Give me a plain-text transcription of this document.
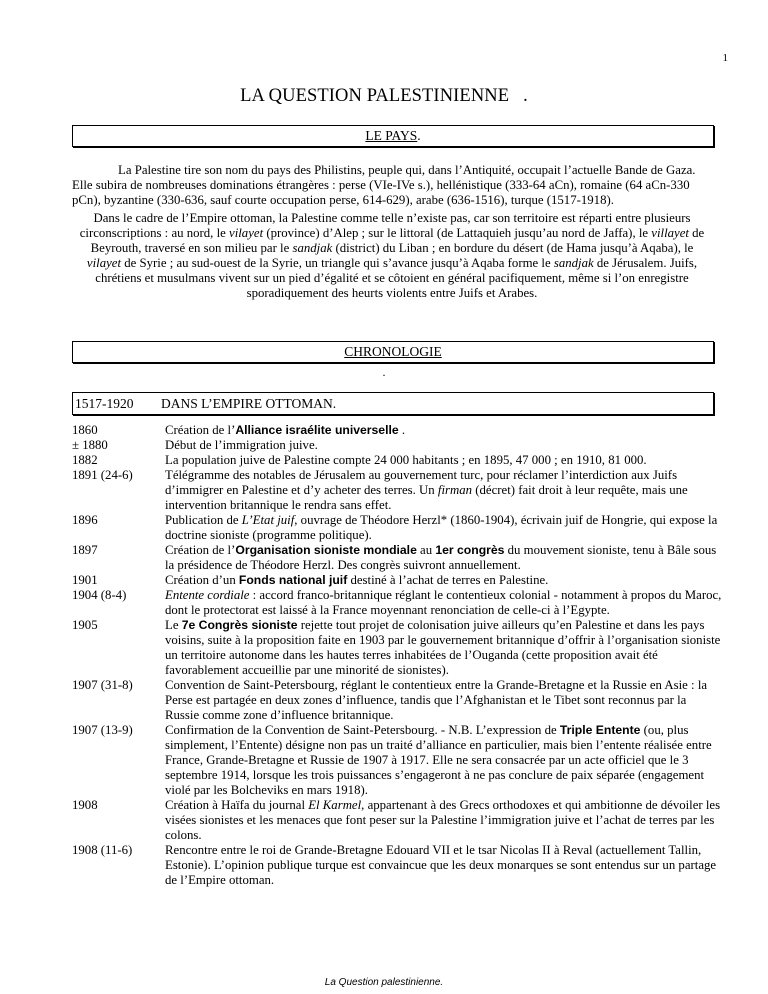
1
LA QUESTION PALESTINIENNE .
LE PAYS.

La Palestine tire son nom du pays des Philistins, peuple qui, dans l’Antiquité, occupait l’actuelle Bande de Gaza. Elle subira de nombreuses dominations étrangères : perse (VIe-IVe s.), hellénistique (333-64 aCn), romaine (64 aCn-330 pCn), byzantine (330-636, sauf courte occupation perse, 614-629), arabe (636-1516), turque (1517-1918).

Dans le cadre de l’Empire ottoman, la Palestine comme telle n’existe pas, car son territoire est réparti entre plusieurs circonscriptions : au nord, le vilayet (province) d’Alep ; sur le littoral (de Lattaquieh jusqu’au nord de Jaffa), le villayet de Beyrouth, traversé en son milieu par le sandjak (district) du Liban ; en bordure du désert (de Hama jusqu’à Aqaba), le vilayet de Syrie ; au sud-ouest de la Syrie, un triangle qui s’avance jusqu’à Aqaba forme le sandjak de Jérusalem. Juifs, chrétiens et musulmans vivent sur un pied d’égalité et se côtoient en général pacifiquement, même si l’on enregistre sporadiquement des heurts violents entre Juifs et Arabes.

CHRONOLOGIE
.
1517-1920 DANS L’EMPIRE OTTOMAN.
1860	Création de l’Alliance israélite universelle .
± 1880	Début de l’immigration juive.
1882	La population juive de Palestine compte 24 000 habitants ; en 1895, 47 000 ; en 1910, 81 000.
1891 (24-6)	Télégramme des notables de Jérusalem au gouvernement turc, pour réclamer l’interdiction aux Juifs d’immigrer en Palestine et d’y acheter des terres. Un firman (décret) fait droit à leur requête, mais une intervention britannique le rendra sans effet.
1896	Publication de L’Etat juif, ouvrage de Théodore Herzl* (1860-1904), écrivain juif de Hongrie, qui expose la doctrine sioniste (programme politique).
1897	Création de l’Organisation sioniste mondiale au 1er congrès du mouvement sioniste, tenu à Bâle sous la présidence de Théodore Herzl. Des congrès suivront annuellement.
1901	Création d’un Fonds national juif destiné à l’achat de terres en Palestine.
1904 (8-4)	Entente cordiale : accord franco-britannique réglant le contentieux colonial - notamment à propos du Maroc, dont le protectorat est laissé à la France moyennant renonciation de celle-ci à l’Egypte.
1905	Le 7e Congrès sioniste rejette tout projet de colonisation juive ailleurs qu’en Palestine et dans les pays voisins, suite à la proposition faite en 1903 par le gouvernement britannique d’offrir à l’organisation sioniste un territoire autonome dans les hautes terres inhabitées de l’Ouganda (cette proposition avait été favorablement accueillie par une minorité de sionistes).
1907 (31-8)	Convention de Saint-Petersbourg, réglant le contentieux entre la Grande-Bretagne et la Russie en Asie : la Perse est partagée en deux zones d’influence, tandis que l’Afghanistan et le Tibet sont reconnus par la Russie comme zone d’influence britannique.
1907 (13-9)	Confirmation de la Convention de Saint-Petersbourg. - N.B. L’expression de Triple Entente (ou, plus simplement, l’Entente) désigne non pas un traité d’alliance en particulier, mais bien l’entente réalisée entre France, Grande-Bretagne et Russie de 1907 à 1917. Elle ne sera consacrée par un acte officiel que le 3 septembre 1914, lorsque les trois puissances s’engageront à ne pas conclure de paix séparée (engagement violé par les Bolcheviks en mars 1918).
1908	Création à Haïfa du journal El Karmel, appartenant à des Grecs orthodoxes et qui ambitionne de dévoiler les visées sionistes et les menaces que font peser sur la Palestine l’immigration juive et l’achat de terres par les colons.
1908 (11-6)	Rencontre entre le roi de Grande-Bretagne Edouard VII et le tsar Nicolas II à Reval (actuellement Tallin, Estonie). L’opinion publique turque est convaincue que les deux monarques se sont entendus sur un partage de l’Empire ottoman.
La Question palestinienne.
